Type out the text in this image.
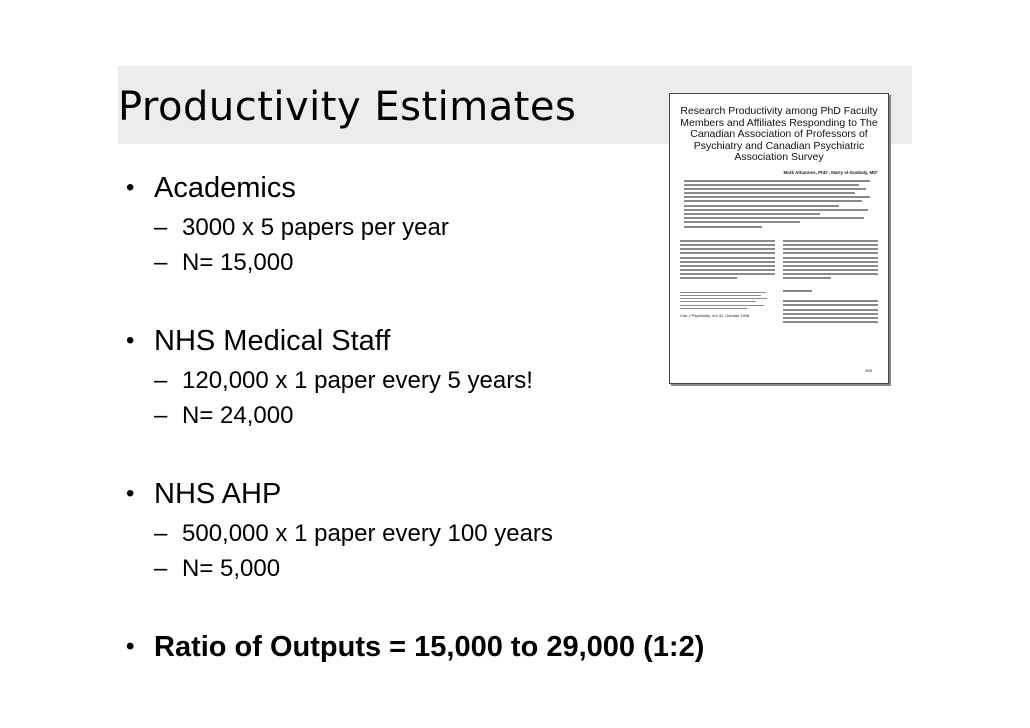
Productivity Estimates
• Academics
– 3000 x 5 papers per year
– N= 15,000
• NHS Medical Staff
– 120,000 x 1 paper every 5 years!
– N= 24,000
• NHS AHP
– 500,000 x 1 paper every 100 years
– N= 5,000
• Ratio of Outputs = 15,000 to 29,000 (1:2)
Research Productivity among PhD Faculty Members and Affiliates Responding to The Canadian Association of Professors of Psychiatry and Canadian Psychiatric Association Survey
Mark Attiannes, PhD¹, Marty el-Guebaly, MD²
Can J Psychiatry, Vol 41, October 1996
505
